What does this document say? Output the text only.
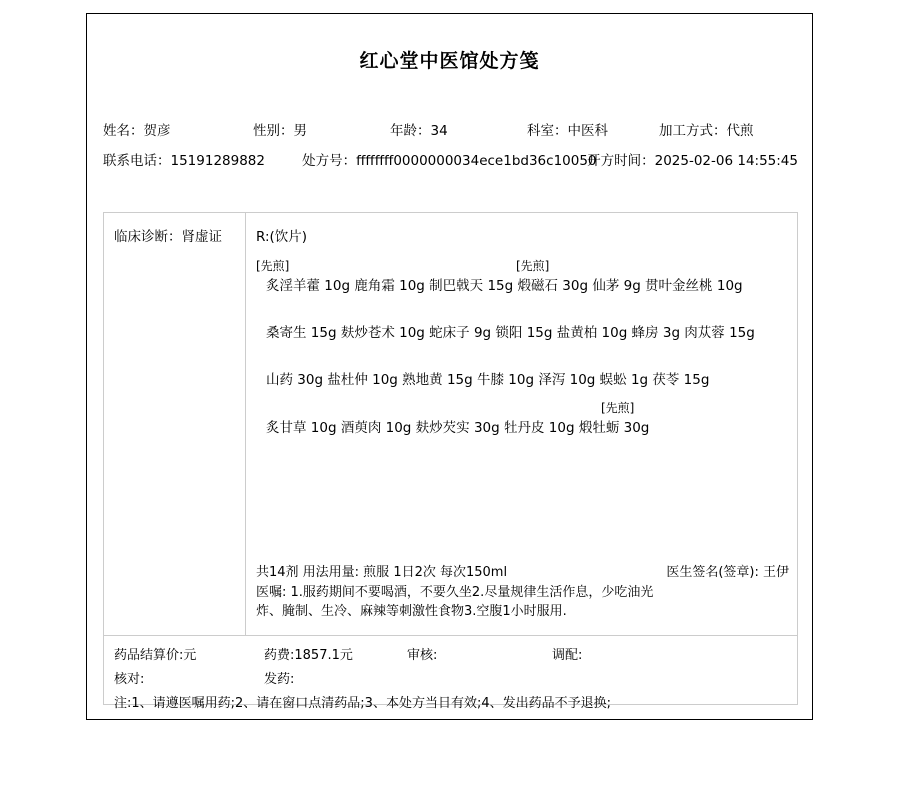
红心堂中医馆处方笺
姓名：贺彦	性别：男	年龄：34	科室：中医科	加工方式：代煎
联系电话：15191289882	处方号：ffffffff0000000034ece1bd36c10050
开方时间：2025-02-06 14:55:45
临床诊断：肾虚证	R:(饮片)
[先煎]	[先煎]
炙淫羊藿 10g 鹿角霜 10g 制巴戟天 15g 煅磁石 30g 仙茅 9g 贯叶金丝桃 10g
桑寄生 15g 麸炒苍术 10g 蛇床子 9g 锁阳 15g 盐黄柏 10g 蜂房 3g 肉苁蓉 15g
山药 30g 盐杜仲 10g 熟地黄 15g 牛膝 10g 泽泻 10g 蜈蚣 1g 茯苓 15g
[先煎]
炙甘草 10g 酒萸肉 10g 麸炒芡实 30g 牡丹皮 10g 煅牡蛎 30g
共14剂 用法用量: 煎服 1日2次 每次150ml	医生签名(签章): 王伊
医嘱: 1.服药期间不要喝酒，不要久坐2.尽量规律生活作息，少吃油光
炸、腌制、生冷、麻辣等刺激性食物3.空腹1小时服用.
药品结算价:元	药费:1857.1元	审核:	调配:
核对:	发药:
注:1、请遵医嘱用药;2、请在窗口点清药品;3、本处方当日有效;4、发出药品不予退换;
